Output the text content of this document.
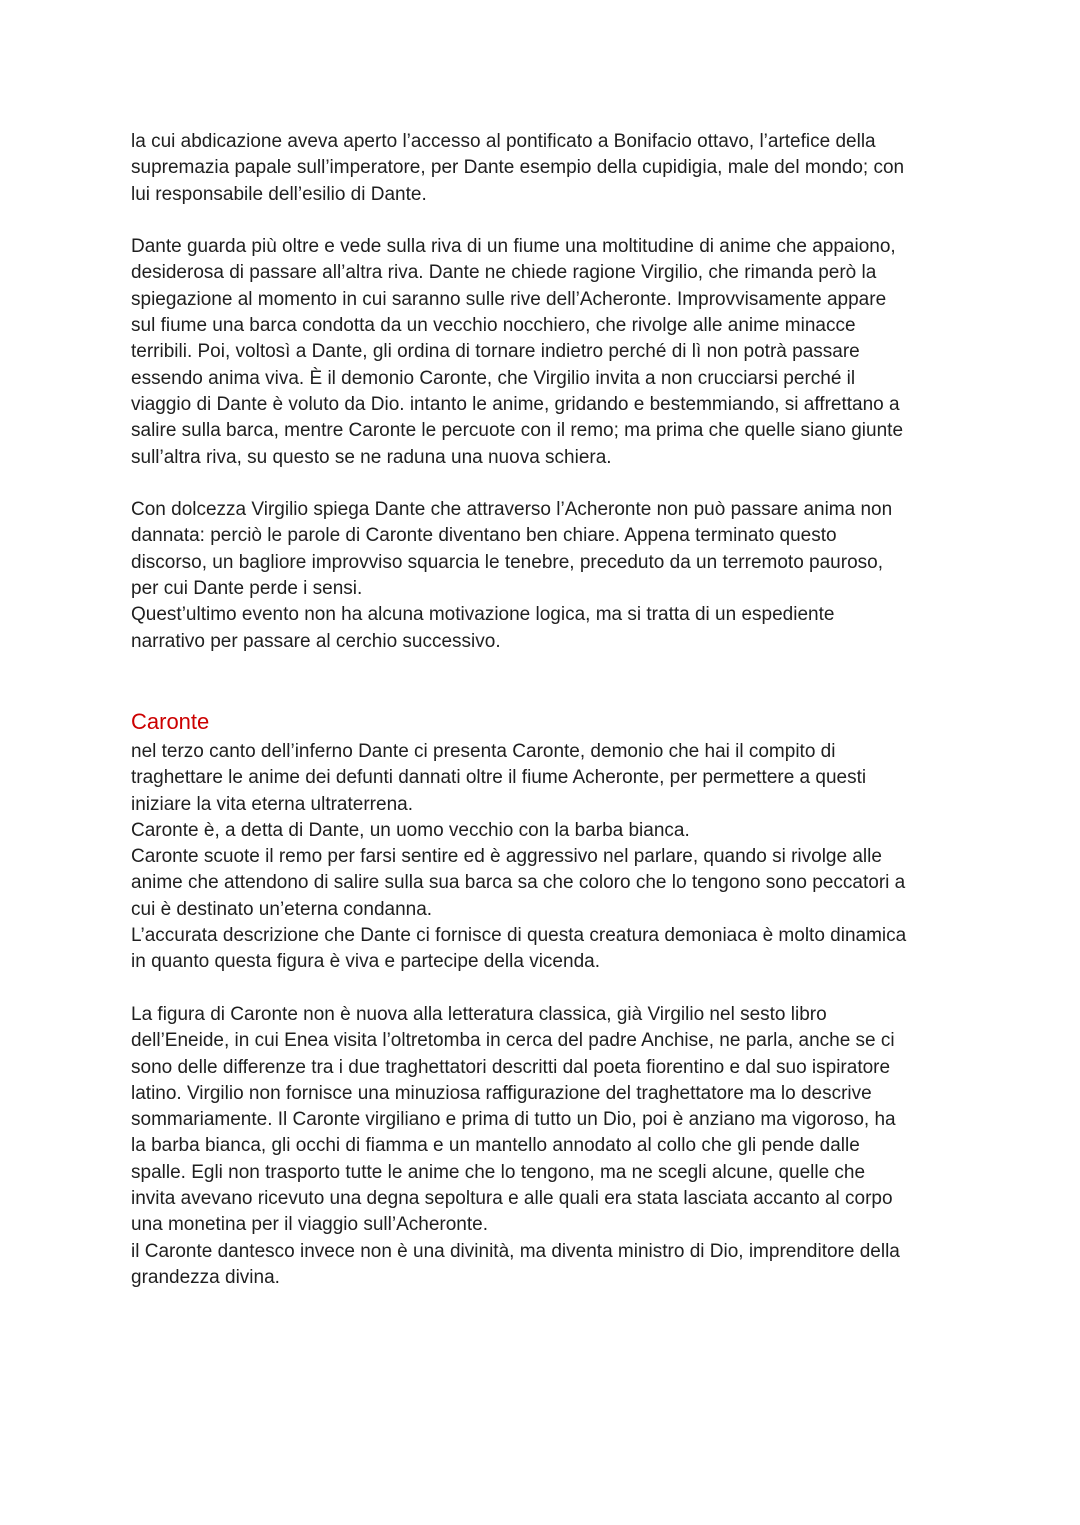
la cui abdicazione aveva aperto l’accesso al pontificato a Bonifacio ottavo, l’artefice della
supremazia papale sull’imperatore, per Dante esempio della cupidigia, male del mondo; con
lui responsabile dell’esilio di Dante.
Dante guarda più oltre e vede sulla riva di un fiume una moltitudine di anime che appaiono,
desiderosa di passare all’altra riva. Dante ne chiede ragione Virgilio, che rimanda però la
spiegazione al momento in cui saranno sulle rive dell’Acheronte. Improvvisamente appare
sul fiume una barca condotta da un vecchio nocchiero, che rivolge alle anime minacce
terribili. Poi, voltosì a Dante, gli ordina di tornare indietro perché di lì non potrà passare
essendo anima viva. È il demonio Caronte, che Virgilio invita a non crucciarsi perché il
viaggio di Dante è voluto da Dio. intanto le anime, gridando e bestemmiando, si affrettano a
salire sulla barca, mentre Caronte le percuote con il remo; ma prima che quelle siano giunte
sull’altra riva, su questo se ne raduna una nuova schiera.
Con dolcezza Virgilio spiega Dante che attraverso l’Acheronte non può passare anima non
dannata: perciò le parole di Caronte diventano ben chiare. Appena terminato questo
discorso, un bagliore improvviso squarcia le tenebre, preceduto da un terremoto pauroso,
per cui Dante perde i sensi.
Quest’ultimo evento non ha alcuna motivazione logica, ma si tratta di un espediente
narrativo per passare al cerchio successivo.
Caronte
nel terzo canto dell’inferno Dante ci presenta Caronte, demonio che hai il compito di
traghettare le anime dei defunti dannati oltre il fiume Acheronte, per permettere a questi
iniziare la vita eterna ultraterrena.
Caronte è, a detta di Dante, un uomo vecchio con la barba bianca.
Caronte scuote il remo per farsi sentire ed è aggressivo nel parlare, quando si rivolge alle
anime che attendono di salire sulla sua barca sa che coloro che lo tengono sono peccatori a
cui è destinato un’eterna condanna.
L’accurata descrizione che Dante ci fornisce di questa creatura demoniaca è molto dinamica
in quanto questa figura è viva e partecipe della vicenda.
La figura di Caronte non è nuova alla letteratura classica, già Virgilio nel sesto libro
dell’Eneide, in cui Enea visita l’oltretomba in cerca del padre Anchise, ne parla, anche se ci
sono delle differenze tra i due traghettatori descritti dal poeta fiorentino e dal suo ispiratore
latino. Virgilio non fornisce una minuziosa raffigurazione del traghettatore ma lo descrive
sommariamente. Il Caronte virgiliano e prima di tutto un Dio, poi è anziano ma vigoroso, ha
la barba bianca, gli occhi di fiamma e un mantello annodato al collo che gli pende dalle
spalle. Egli non trasporto tutte le anime che lo tengono, ma ne scegli alcune, quelle che
invita avevano ricevuto una degna sepoltura e alle quali era stata lasciata accanto al corpo
una monetina per il viaggio sull’Acheronte.
il Caronte dantesco invece non è una divinità, ma diventa ministro di Dio, imprenditore della
grandezza divina.
